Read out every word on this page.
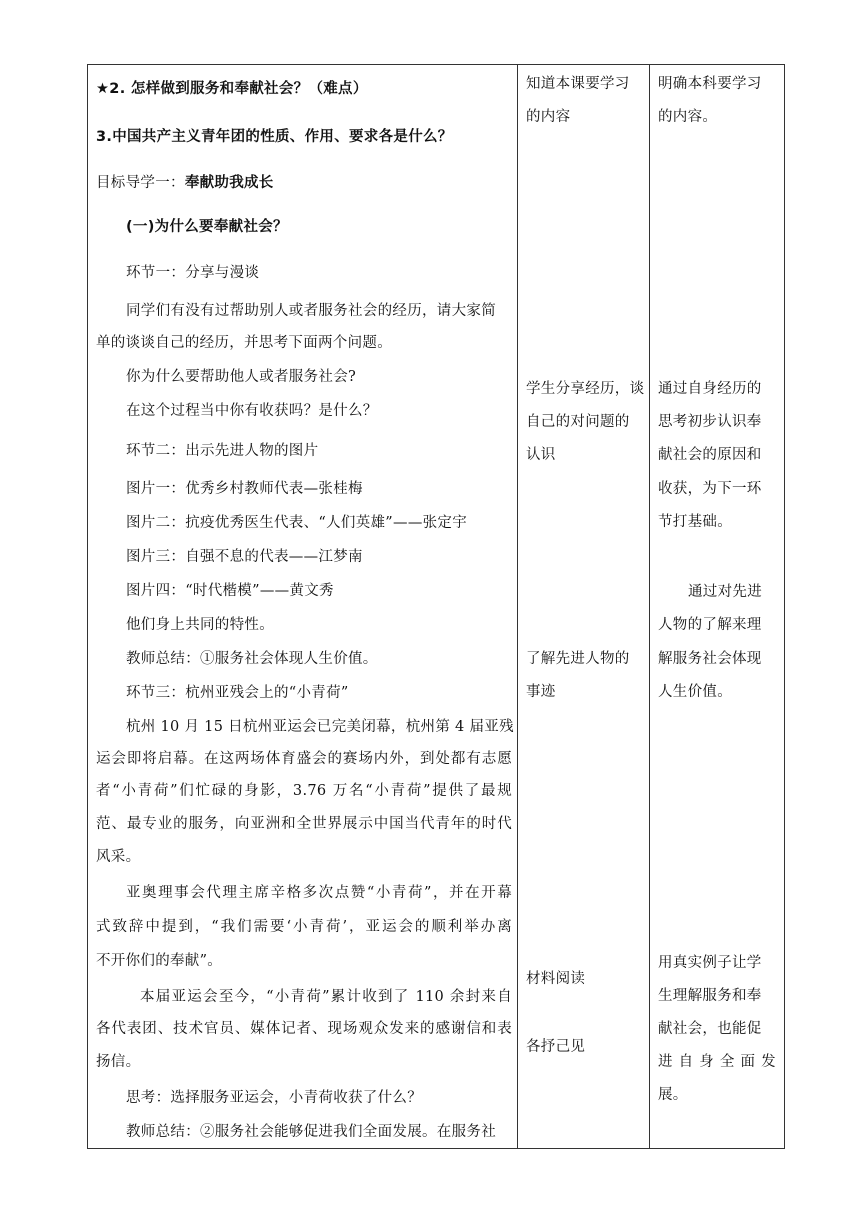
★2. 怎样做到服务和奉献社会？（难点）
3.中国共产主义青年团的性质、作用、要求各是什么？
目标导学一：奉献助我成长
(一)为什么要奉献社会？
环节一：分享与漫谈
同学们有没有过帮助别人或者服务社会的经历，请大家简
单的谈谈自己的经历，并思考下面两个问题。
你为什么要帮助他人或者服务社会?
在这个过程当中你有收获吗？是什么？
环节二：出示先进人物的图片
图片一：优秀乡村教师代表—张桂梅
图片二：抗疫优秀医生代表、“人们英雄”——张定宇
图片三：自强不息的代表——江梦南
图片四：“时代楷模”——黄文秀
他们身上共同的特性。
教师总结：①服务社会体现人生价值。
环节三：杭州亚残会上的“小青荷”
杭州 10 月 15 日杭州亚运会已完美闭幕，杭州第 4 届亚残
运会即将启幕。在这两场体育盛会的赛场内外，到处都有志愿
者“小青荷”们忙碌的身影，3.76 万名“小青荷”提供了最规
范、最专业的服务，向亚洲和全世界展示中国当代青年的时代
风采。
亚奥理事会代理主席辛格多次点赞“小青荷”，并在开幕
式致辞中提到，“我们需要‘小青荷’，亚运会的顺利举办离
不开你们的奉献”。
本届亚运会至今，“小青荷”累计收到了 110 余封来自
各代表团、技术官员、媒体记者、现场观众发来的感谢信和表
扬信。
思考：选择服务亚运会，小青荷收获了什么？
教师总结：②服务社会能够促进我们全面发展。在服务社
知道本课要学习
的内容
学生分享经历，谈
自己的对问题的
认识
了解先进人物的
事迹
材料阅读
各抒己见
明确本科要学习
的内容。
通过自身经历的
思考初步认识奉
献社会的原因和
收获，为下一环
节打基础。
通过对先进
人物的了解来理
解服务社会体现
人生价值。
用真实例子让学
生理解服务和奉
献社会，也能促
进自身全面发
展。
